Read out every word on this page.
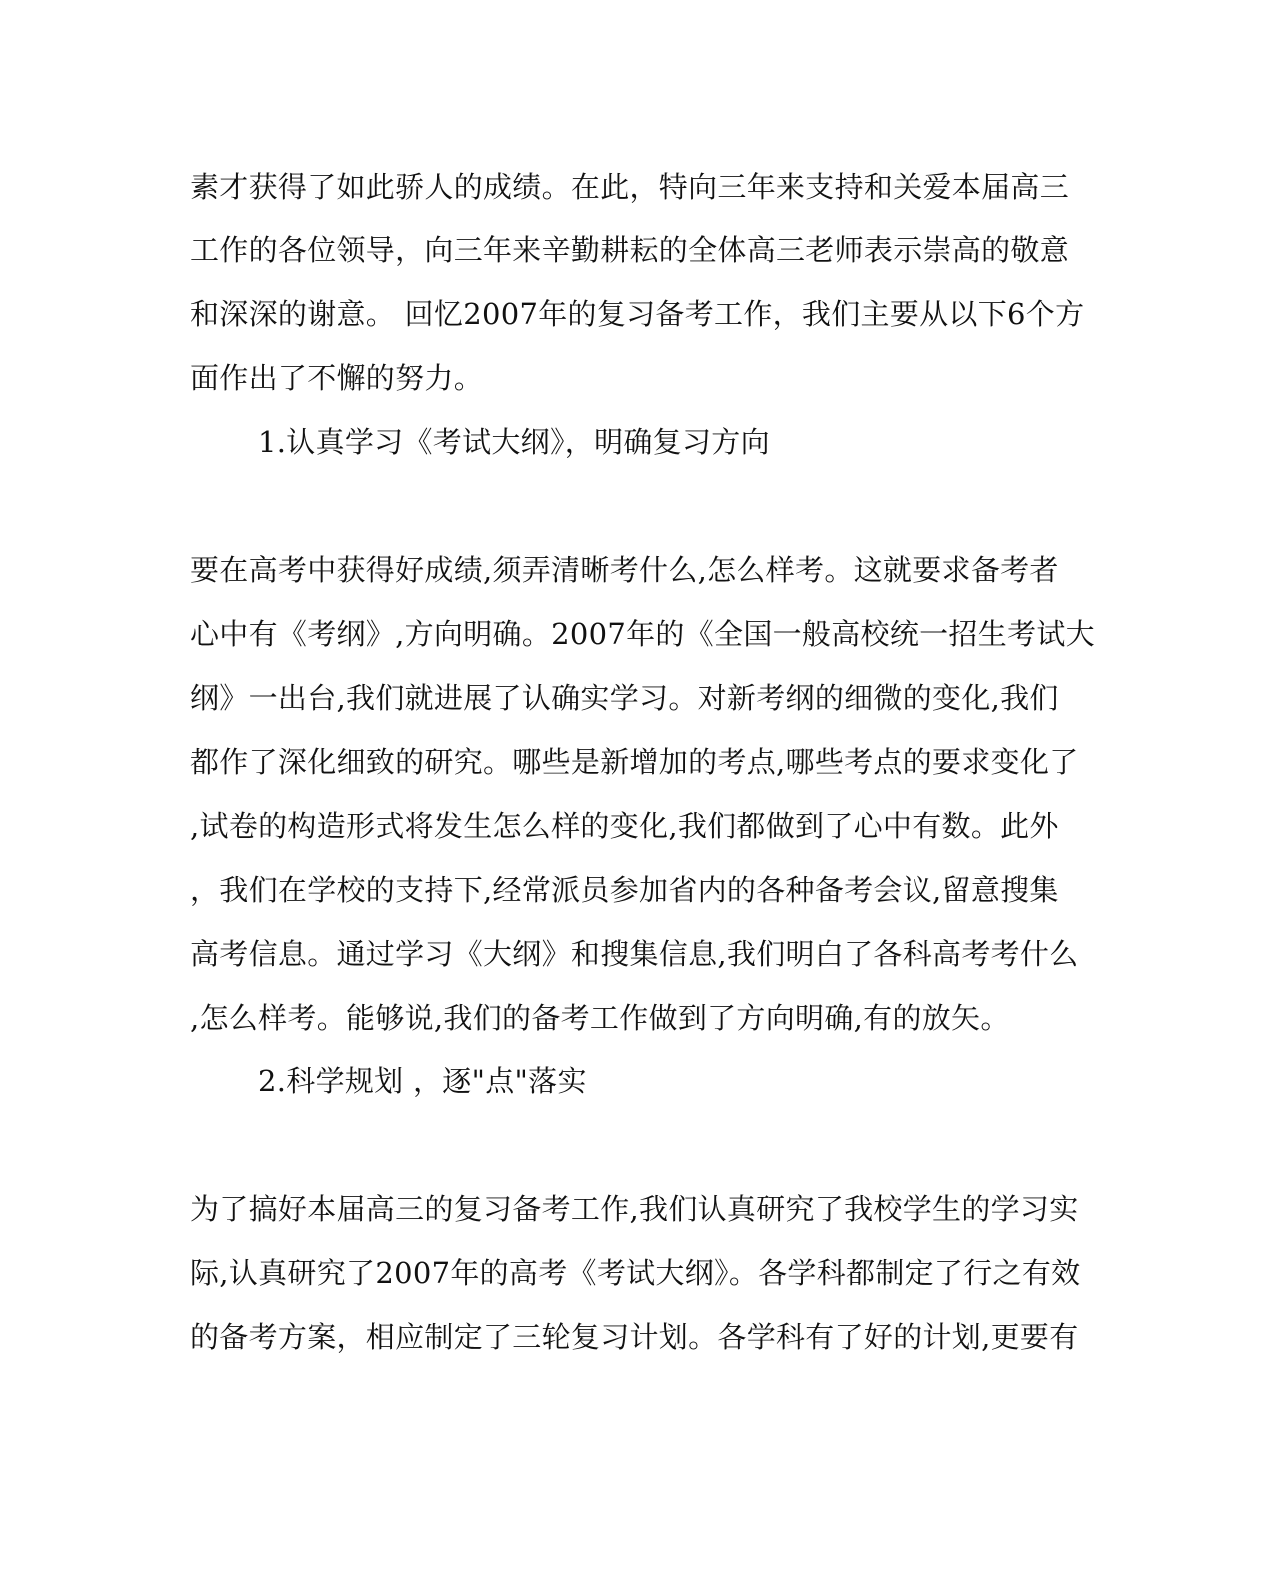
素才获得了如此骄人的成绩。在此，特向三年来支持和关爱本届高三

工作的各位领导，向三年来辛勤耕耘的全体高三老师表示崇高的敬意

和深深的谢意。 回忆2007年的复习备考工作，我们主要从以下6个方

面作出了不懈的努力。

1.认真学习《考试大纲》，明确复习方向

要在高考中获得好成绩,须弄清晰考什么,怎么样考。这就要求备考者

心中有《考纲》,方向明确。2007年的《全国一般高校统一招生考试大

纲》一出台,我们就进展了认确实学习。对新考纲的细微的变化,我们

都作了深化细致的研究。哪些是新增加的考点,哪些考点的要求变化了

,试卷的构造形式将发生怎么样的变化,我们都做到了心中有数。此外

，我们在学校的支持下,经常派员参加省内的各种备考会议,留意搜集

高考信息。通过学习《大纲》和搜集信息,我们明白了各科高考考什么

,怎么样考。能够说,我们的备考工作做到了方向明确,有的放矢。

2.科学规划 ，逐"点"落实

为了搞好本届高三的复习备考工作,我们认真研究了我校学生的学习实

际,认真研究了2007年的高考《考试大纲》。各学科都制定了行之有效

的备考方案，相应制定了三轮复习计划。各学科有了好的计划,更要有
